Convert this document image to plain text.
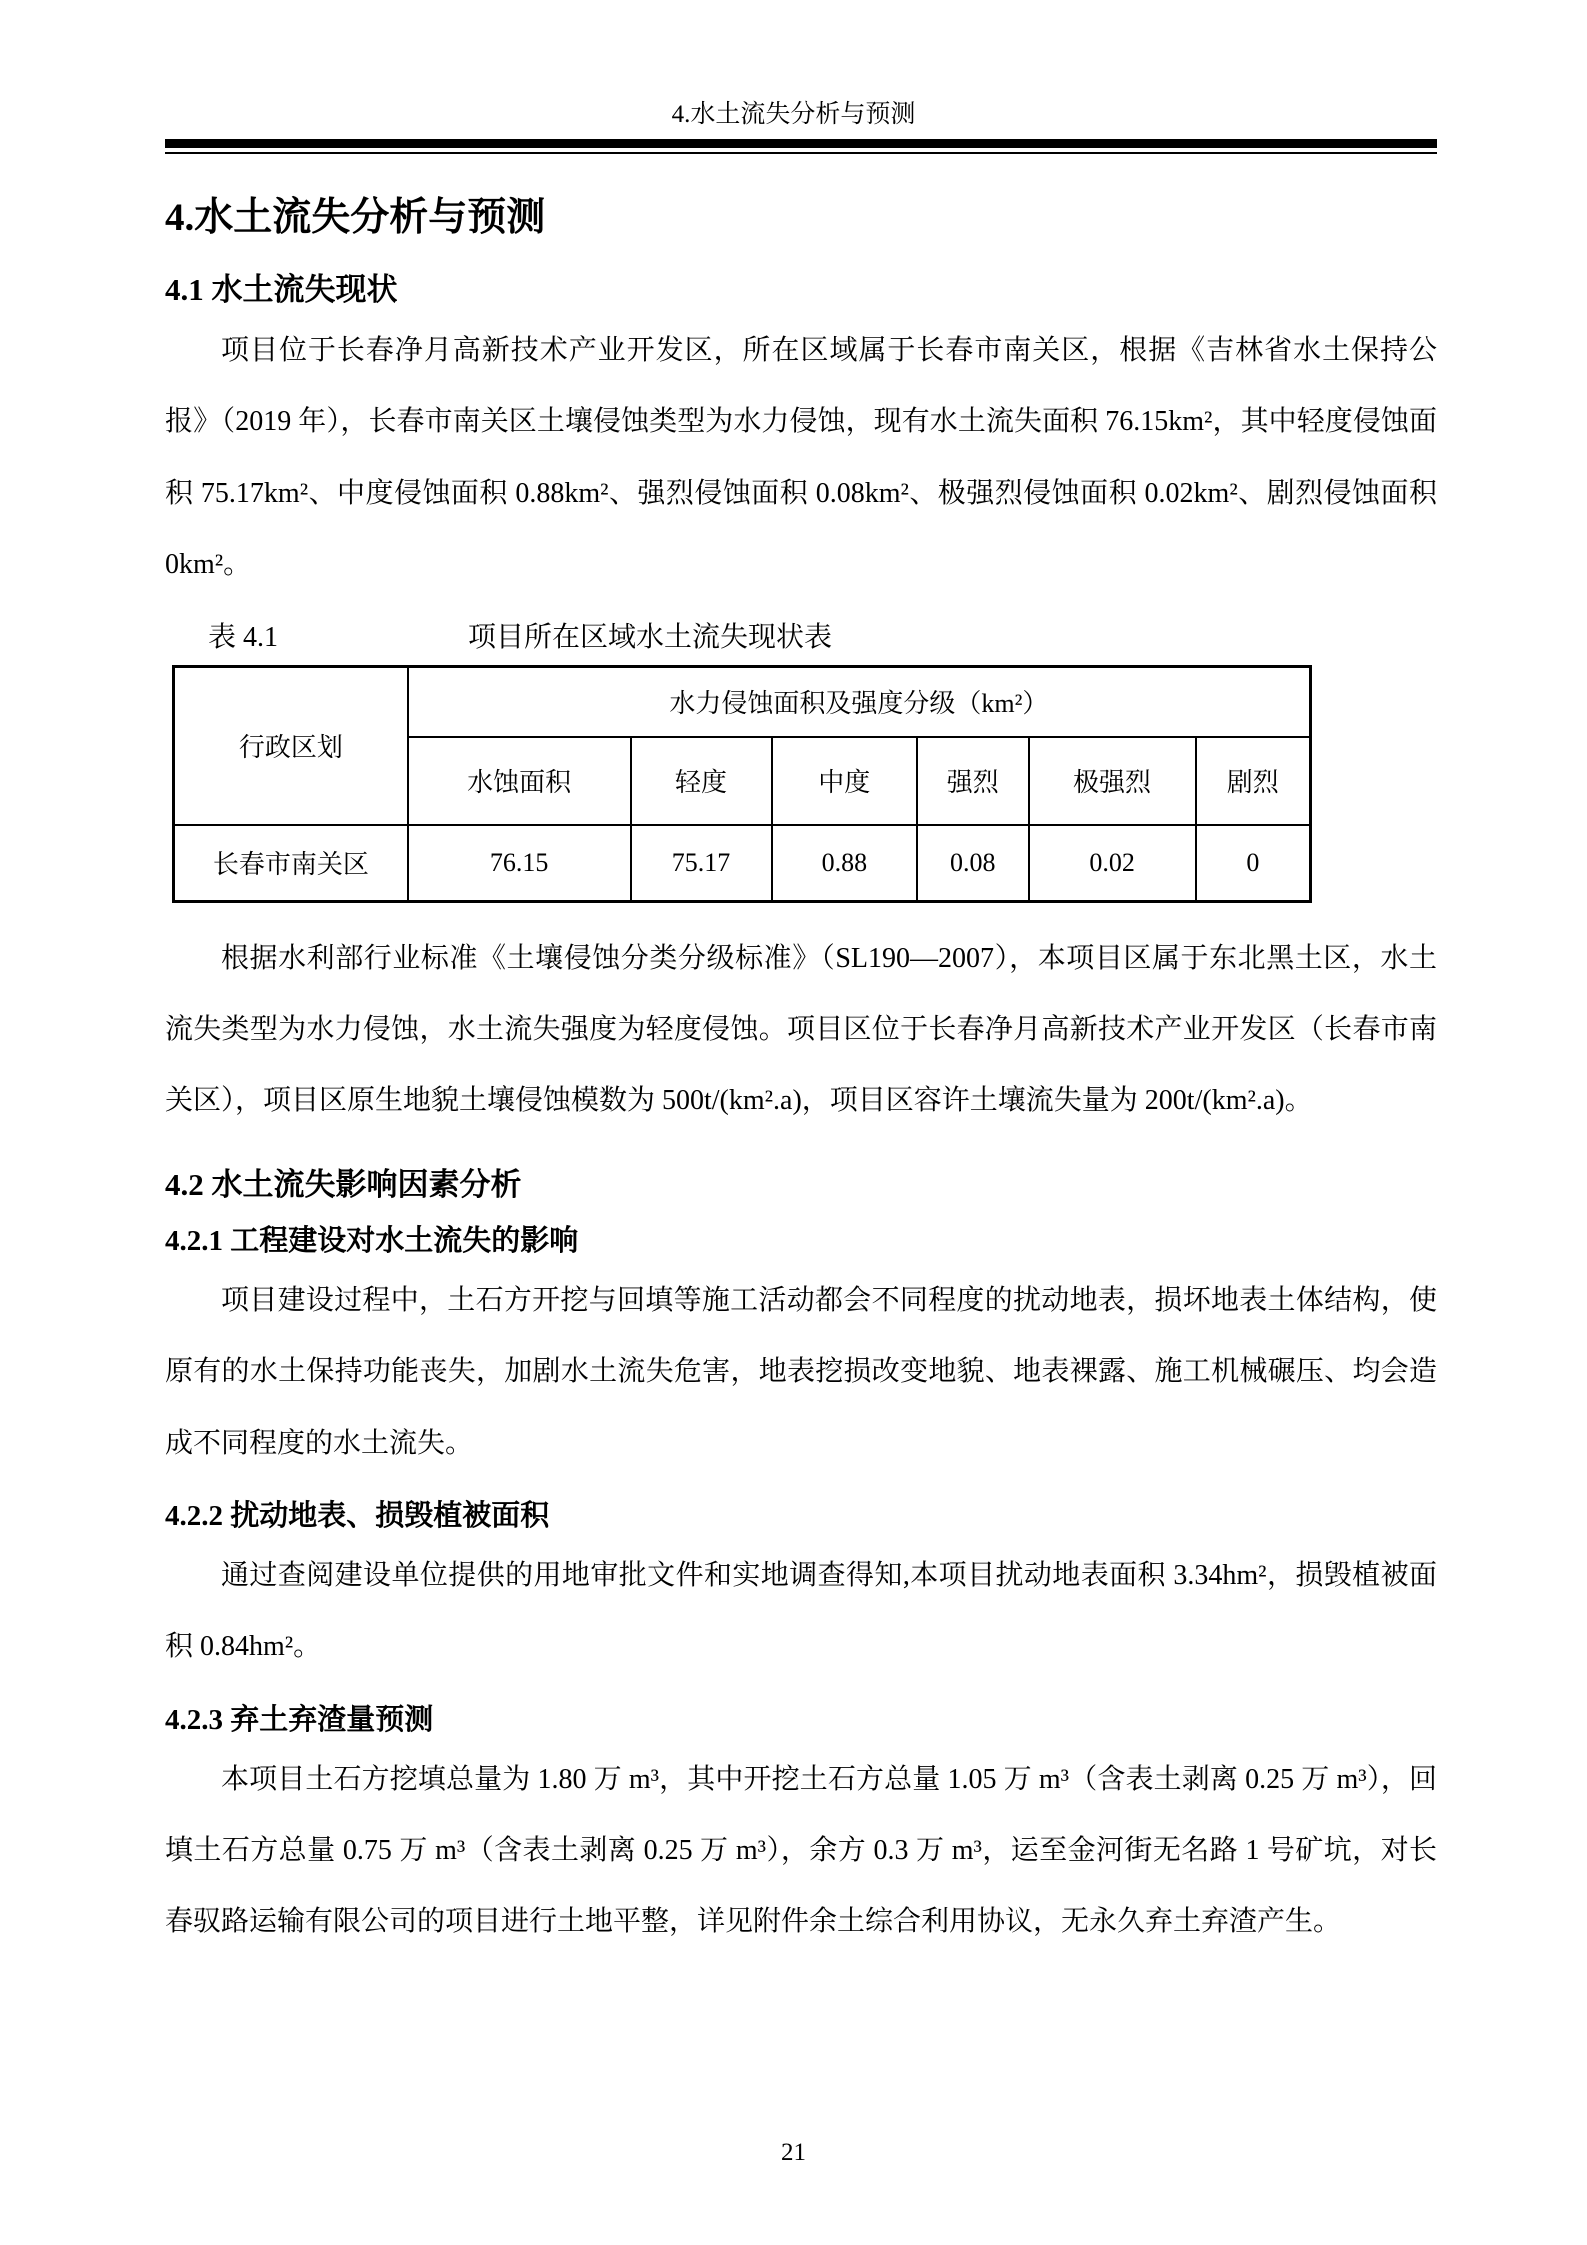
4.水土流失分析与预测
4.水土流失分析与预测
4.1 水土流失现状

项目位于长春净月高新技术产业开发区，所在区域属于长春市南关区，根据《吉林省水土保持公报》（2019 年），长春市南关区土壤侵蚀类型为水力侵蚀，现有水土流失面积 76.15km²，其中轻度侵蚀面积 75.17km²、中度侵蚀面积 0.88km²、强烈侵蚀面积 0.08km²、极强烈侵蚀面积 0.02km²、剧烈侵蚀面积 0km²。

表 4.1	项目所在区域水土流失现状表
行政区划	水力侵蚀面积及强度分级（km²）					
	水蚀面积	轻度	中度	强烈	极强烈	剧烈
长春市南关区	76.15	75.17	0.88	0.08	0.02	0

根据水利部行业标准《土壤侵蚀分类分级标准》（SL190—2007），本项目区属于东北黑土区，水土流失类型为水力侵蚀，水土流失强度为轻度侵蚀。项目区位于长春净月高新技术产业开发区（长春市南关区），项目区原生地貌土壤侵蚀模数为 500t/(km².a)，项目区容许土壤流失量为 200t/(km².a)。

4.2 水土流失影响因素分析
4.2.1 工程建设对水土流失的影响

项目建设过程中，土石方开挖与回填等施工活动都会不同程度的扰动地表，损坏地表土体结构，使原有的水土保持功能丧失，加剧水土流失危害，地表挖损改变地貌、地表裸露、施工机械碾压、均会造成不同程度的水土流失。

4.2.2 扰动地表、损毁植被面积

通过查阅建设单位提供的用地审批文件和实地调查得知,本项目扰动地表面积 3.34hm²，损毁植被面积 0.84hm²。

4.2.3 弃土弃渣量预测

本项目土石方挖填总量为 1.80 万 m³，其中开挖土石方总量 1.05 万 m³（含表土剥离 0.25 万 m³），回填土石方总量 0.75 万 m³（含表土剥离 0.25 万 m³），余方 0.3 万 m³，运至金河街无名路 1 号矿坑，对长春驭路运输有限公司的项目进行土地平整，详见附件余土综合利用协议，无永久弃土弃渣产生。

21
